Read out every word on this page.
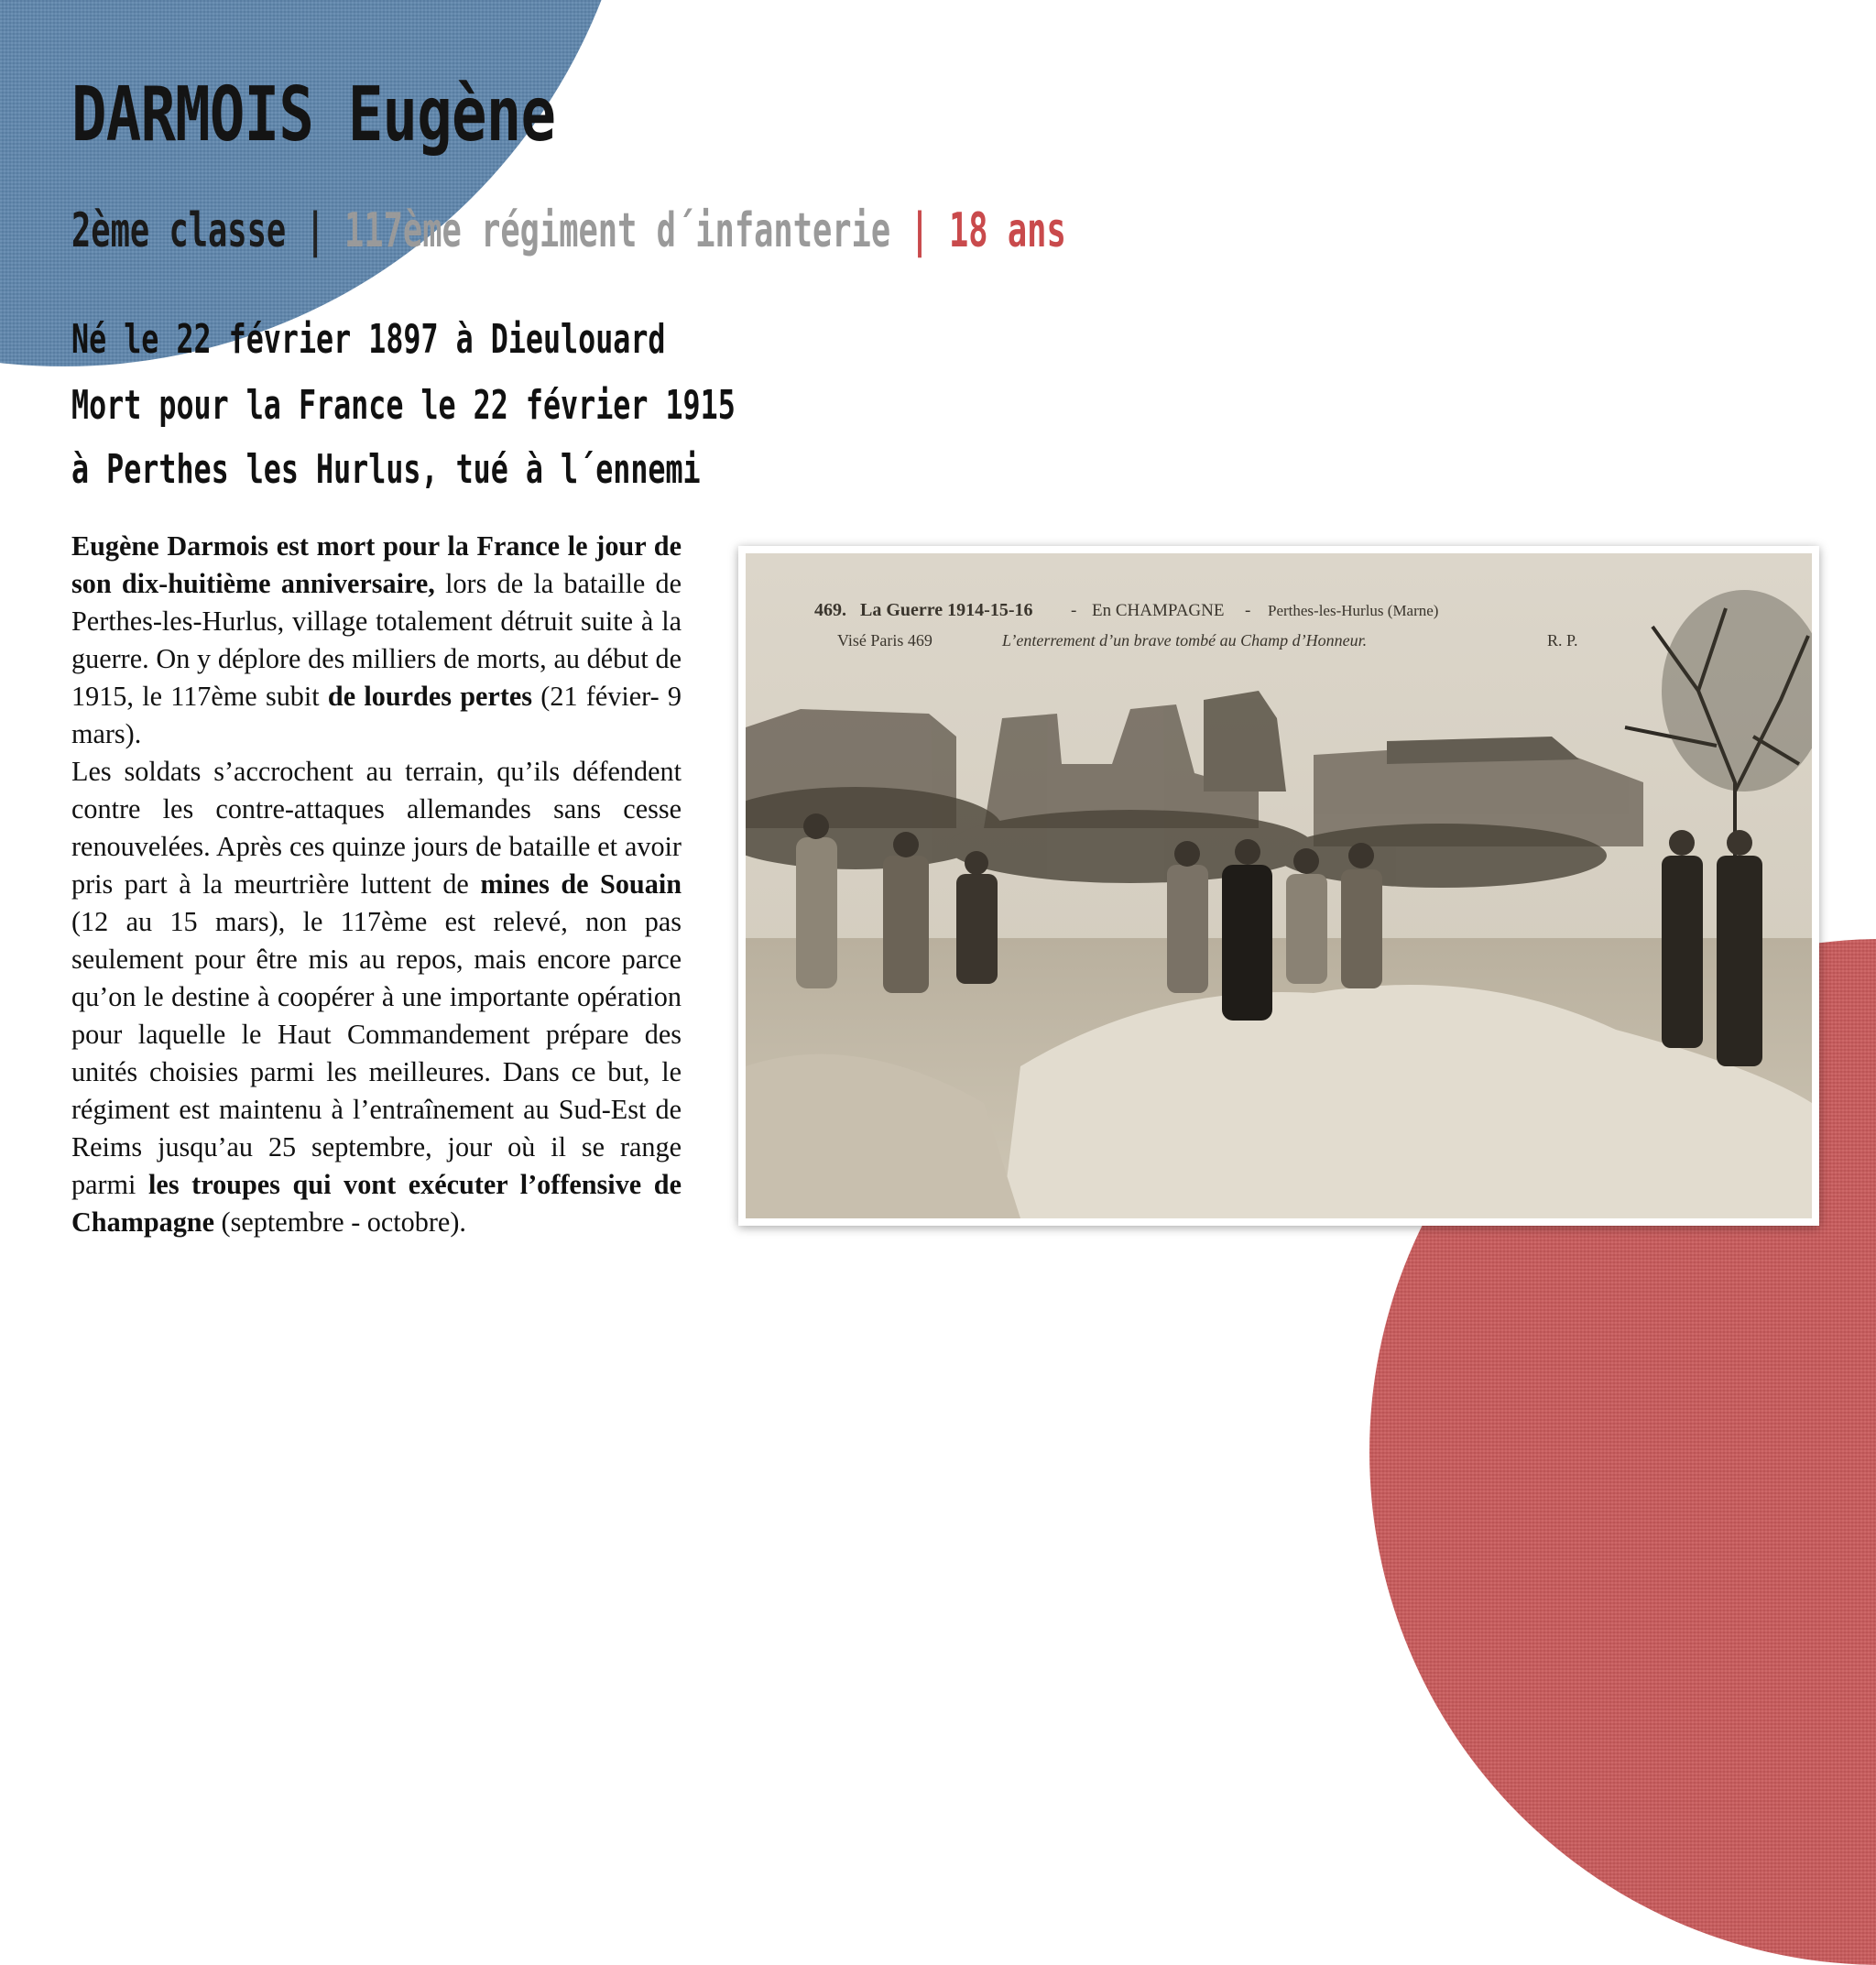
DARMOIS Eugène
2ème classe | 117ème régiment d´infanterie | 18 ans
Né le 22 février 1897 à Dieulouard
Mort pour la France le 22 février 1915
à Perthes les Hurlus, tué à l´ennemi

Eugène Darmois est mort pour la France le jour de son dix-huitième anniversaire, lors de la bataille de Perthes-les-Hurlus, village totalement détruit suite à la guerre. On y déplore des milliers de morts, au début de 1915, le 117ème subit de lourdes pertes (21 févier- 9 mars).
Les soldats s’accrochent au terrain, qu’ils défendent contre les contre-attaques allemandes sans cesse renouvelées. Après ces quinze jours de bataille et avoir pris part à la meurtrière luttent de mines de Souain (12 au 15 mars), le 117ème est relevé, non pas seulement pour être mis au repos, mais encore parce qu’on le destine à coopérer à une importante opération pour laquelle le Haut Commandement prépare des unités choisies parmi les meilleures. Dans ce but, le régiment est maintenu à l’entraînement au Sud-Est de Reims jusqu’au 25 septembre, jour où il se range parmi les troupes qui vont exécuter l’offensive de Champagne (septembre - octobre).

469. La Guerre 1914-15-16 - En CHAMPAGNE - Perthes-les-Hurlus (Marne)
Visé Paris 469	L’enterrement d’un brave tombé au Champ d’Honneur.	R. P.
